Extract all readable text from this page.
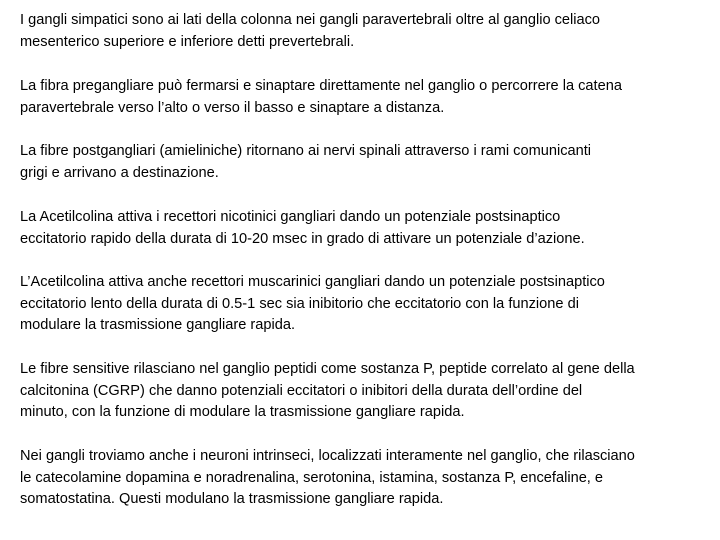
I gangli simpatici sono ai lati della colonna nei gangli paravertebrali oltre al ganglio celiaco
mesenterico superiore e inferiore detti prevertebrali.

La fibra pregangliare può fermarsi e sinaptare direttamente nel ganglio o percorrere la catena
paravertebrale verso l’alto o verso il basso e sinaptare a distanza.

La fibre postgangliari (amieliniche) ritornano ai nervi spinali attraverso i rami comunicanti
grigi e arrivano a destinazione.

La Acetilcolina attiva i recettori nicotinici gangliari dando un potenziale postsinaptico
eccitatorio rapido della durata di 10-20 msec in grado di attivare un potenziale d’azione.

L’Acetilcolina attiva anche recettori muscarinici gangliari dando un potenziale postsinaptico
eccitatorio lento della durata di 0.5-1 sec sia inibitorio che eccitatorio con la funzione di
modulare la trasmissione gangliare rapida.

Le fibre sensitive rilasciano nel ganglio peptidi come sostanza P, peptide correlato al gene della
calcitonina (CGRP) che danno potenziali eccitatori o inibitori della durata dell’ordine del
minuto, con la funzione di modulare la trasmissione gangliare rapida.

Nei gangli troviamo anche i neuroni intrinseci, localizzati interamente nel ganglio, che rilasciano
le catecolamine dopamina e noradrenalina, serotonina, istamina, sostanza P, encefaline, e
somatostatina. Questi modulano la trasmissione gangliare rapida.
